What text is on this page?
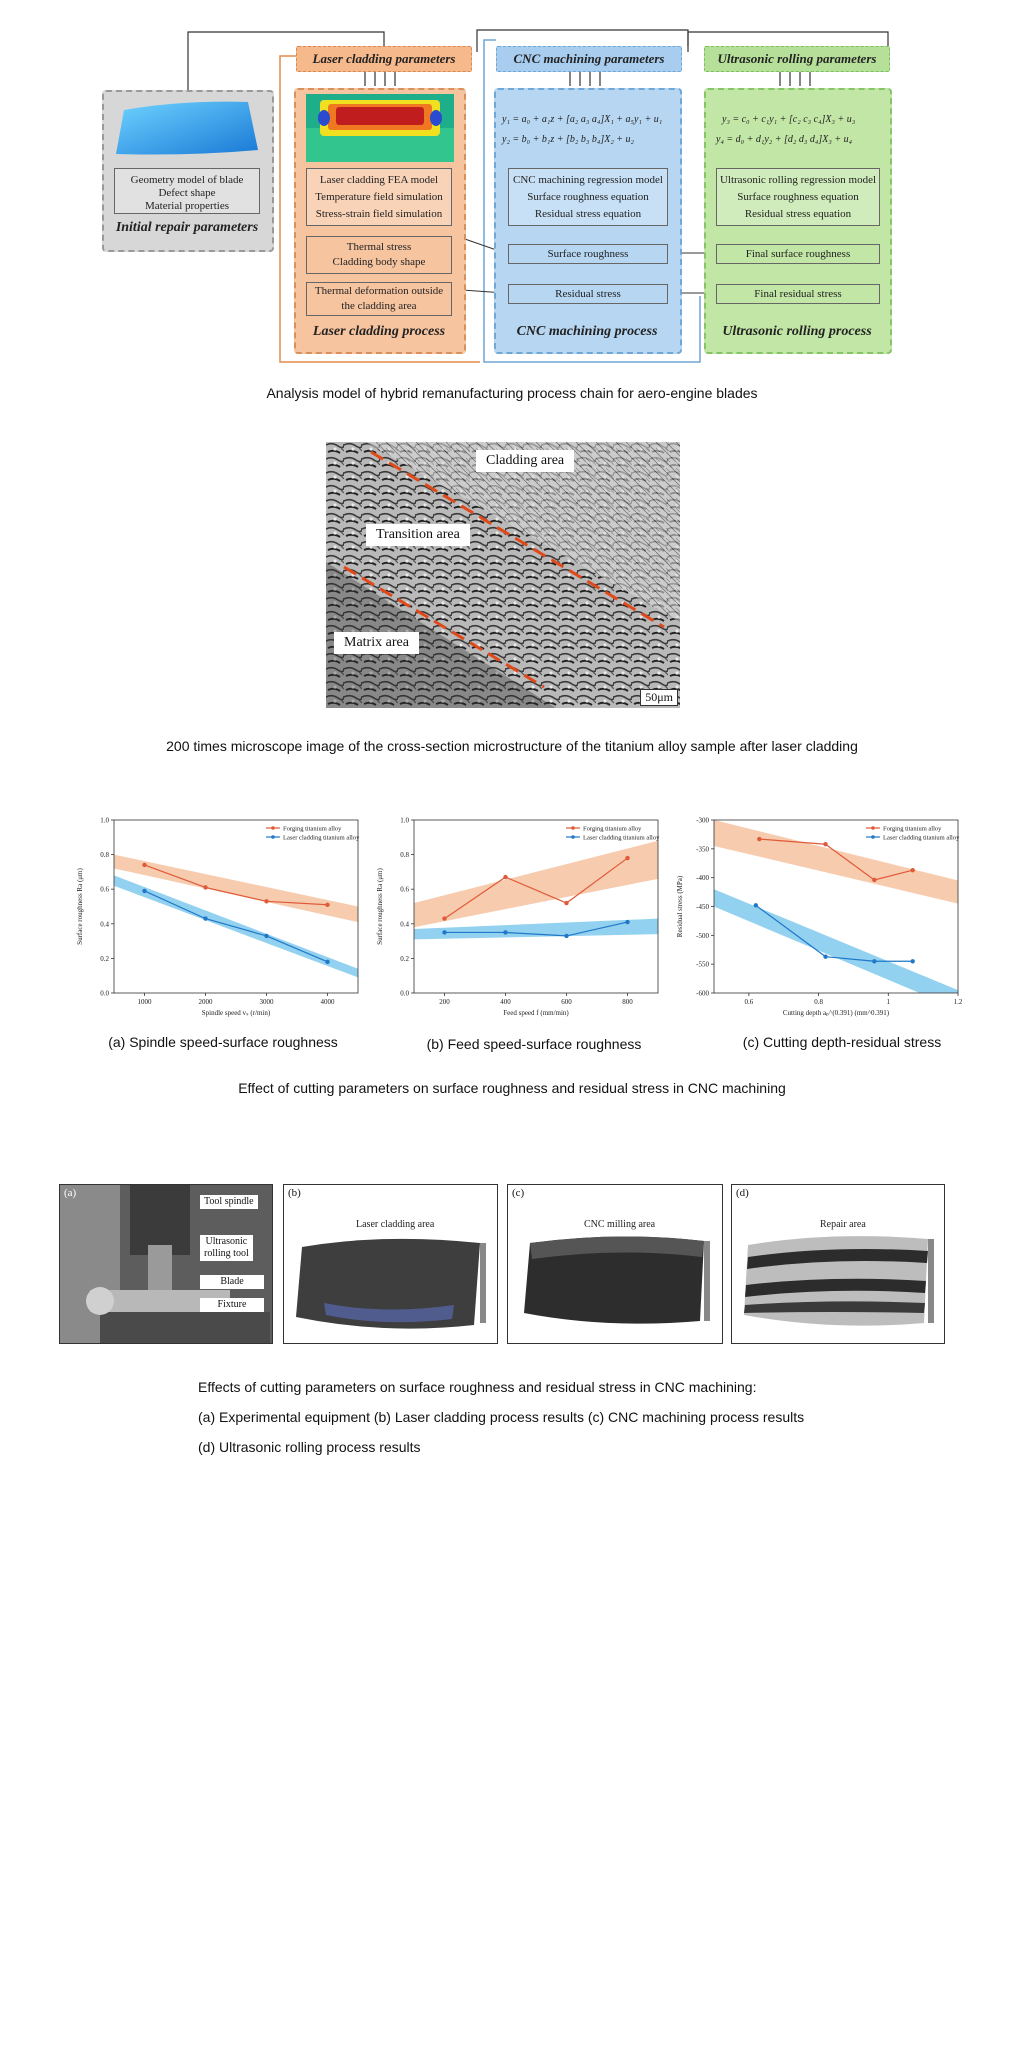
Geometry model of blade
Defect shape
Material properties
Initial repair parameters
Laser cladding parameters
Laser cladding FEA model
Temperature field simulation
Stress-strain field simulation
Thermal stress
Cladding body shape
Thermal deformation outside
the cladding area
Laser cladding process
CNC machining parameters
y₁ = a₀ + a₁z + [a₂ a₃ a₄]X₁ + a₅y₁ + u₁
y₂ = b₀ + b₁z + [b₂ b₃ b₄]X₂ + u₂
CNC machining regression model
Surface roughness equation
Residual stress equation
Surface roughness
Residual stress
CNC machining process
Ultrasonic rolling parameters
y₃ = c₀ + c₁y₁ + [c₂ c₃ c₄]X₃ + u₃
y₄ = d₀ + d₁y₂ + [d₂ d₃ d₄]X₃ + u₄
Ultrasonic rolling regression model
Surface roughness equation
Residual stress equation
Final surface roughness
Final residual stress
Ultrasonic rolling process
Analysis model of hybrid remanufacturing process chain for aero-engine blades
Cladding area
Transition area
Matrix area
50μm
200 times microscope image of the cross-section microstructure of the titanium alloy sample after laser cladding
1000	2000	3000	4000
0.0
0.2
0.4
0.6
0.8
1.0
Spindle speed vₛ (r/min)
Surface roughness Ra (μm)
Forging titanium alloy
Laser cladding titanium alloy
200	400	600	800
0.0
0.2
0.4
0.6
0.8
1.0
Feed speed f (mm/min)
Surface roughness Ra (μm)
Forging titanium alloy
Laser cladding titanium alloy
0.6	0.8	1	1.2
-600
-550
-500
-450
-400
-350
-300
Cutting depth aₚ^(0.391) (mm^0.391)
Residual stress (MPa)
Forging titanium alloy
Laser cladding titanium alloy
(a) Spindle speed-surface roughness	(b) Feed speed-surface roughness	(c) Cutting depth-residual stress
Effect of cutting parameters on surface roughness and residual stress in CNC machining
(a)
Tool spindle
Ultrasonic
rolling tool
Blade
Fixture
(b)
Laser cladding area
(c)
CNC milling area
(d)
Repair area
Effects of cutting parameters on surface roughness and residual stress in CNC machining:
(a) Experimental equipment (b) Laser cladding process results (c) CNC machining process results
(d) Ultrasonic rolling process results
